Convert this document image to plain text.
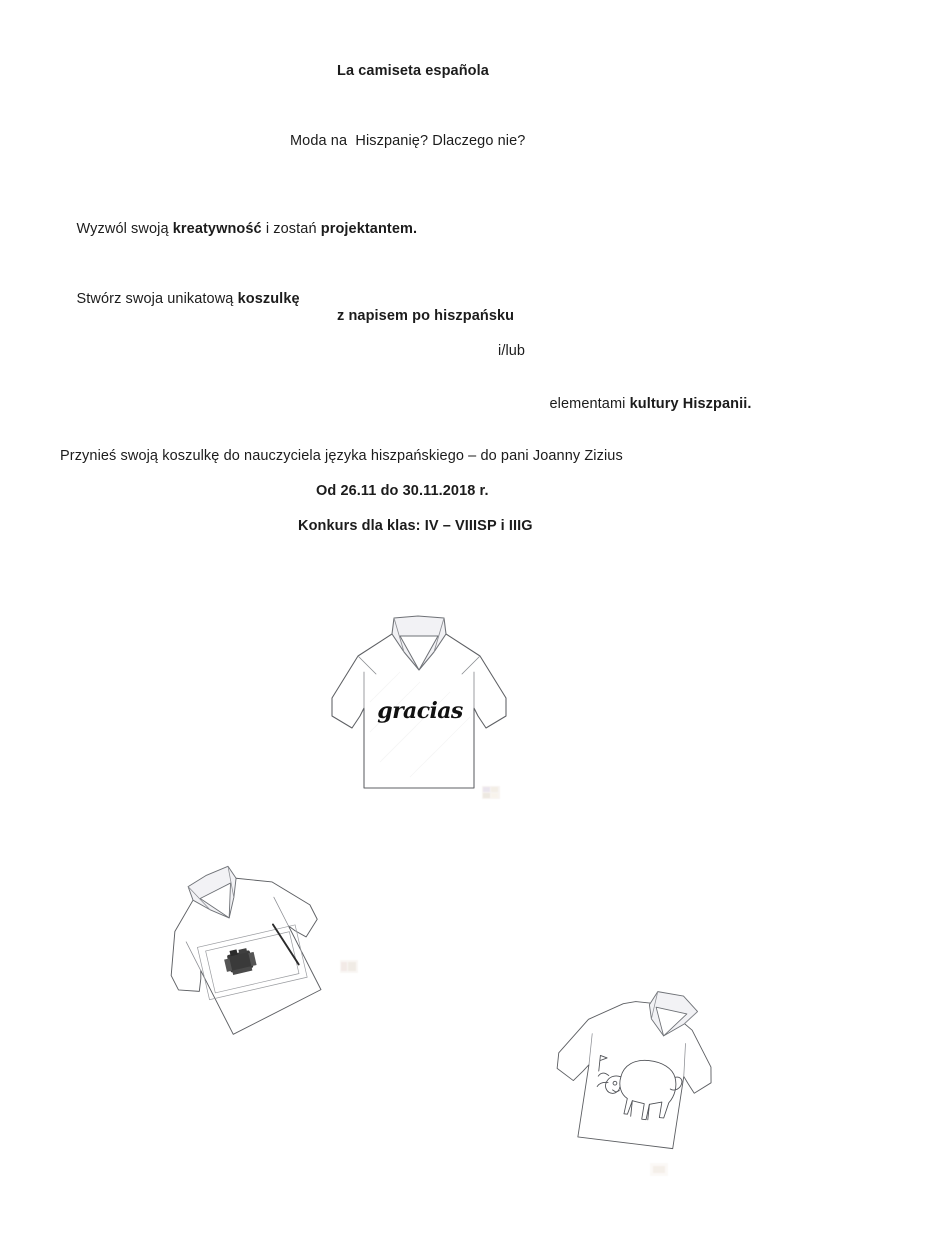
La camiseta española
Moda na  Hiszpanię? Dlaczego nie?

Wyzwól swoją kreatywność i zostań projektantem.

Stwórz swoja unikatową koszulkę

z napisem po hiszpańsku
i/lub

elementami kultury Hiszpanii.

Przynieś swoją koszulkę do nauczyciela języka hiszpańskiego – do pani Joanny Zizius
Od 26.11 do 30.11.2018 r.
Konkurs dla klas: IV – VIIISP i IIIG
gracias
